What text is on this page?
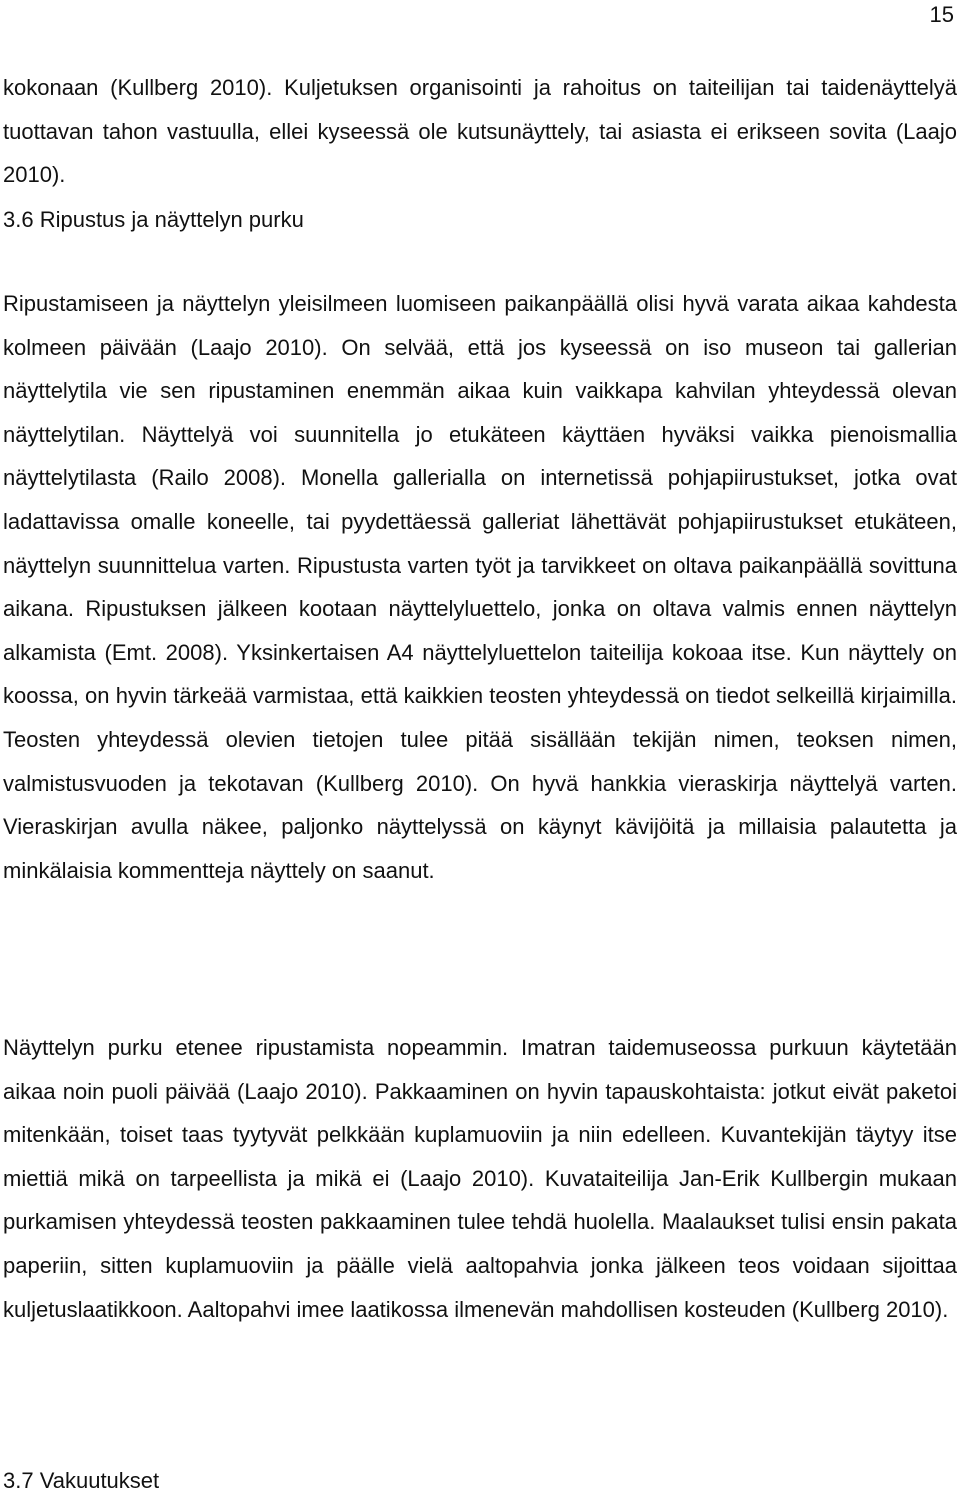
15

kokonaan (Kullberg 2010). Kuljetuksen organisointi ja rahoitus on taiteilijan tai taidenäyttelyä tuottavan tahon vastuulla, ellei kyseessä ole kutsunäyttely, tai asiasta ei erikseen sovita (Laajo 2010).

3.6 Ripustus ja näyttelyn purku

Ripustamiseen ja näyttelyn yleisilmeen luomiseen paikanpäällä olisi hyvä varata aikaa kahdesta kolmeen päivään (Laajo 2010). On selvää, että jos kyseessä on iso museon tai gallerian näyttelytila vie sen ripustaminen enemmän aikaa kuin vaikkapa kahvilan yhteydessä olevan näyttelytilan. Näyttelyä voi suunnitella jo etukäteen käyttäen hyväksi vaikka pienoismallia näyttelytilasta (Railo 2008). Monella gallerialla on internetissä pohjapiirustukset, jotka ovat ladattavissa omalle koneelle, tai pyydettäessä galleriat lähettävät pohjapiirustukset etukäteen, näyttelyn suunnittelua varten. Ripustusta varten työt ja tarvikkeet on oltava paikanpäällä sovittuna aikana. Ripustuksen jälkeen kootaan näyttelyluettelo, jonka on oltava valmis ennen näyttelyn alkamista (Emt. 2008). Yksinkertaisen A4 näyttelyluettelon taiteilija kokoaa itse. Kun näyttely on koossa, on hyvin tärkeää varmistaa, että kaikkien teosten yhteydessä on tiedot selkeillä kirjaimilla. Teosten yhteydessä olevien tietojen tulee pitää sisällään tekijän nimen, teoksen nimen, valmistusvuoden ja tekotavan (Kullberg 2010). On hyvä hankkia vieraskirja näyttelyä varten. Vieraskirjan avulla näkee, paljonko näyttelyssä on käynyt kävijöitä ja millaisia palautetta ja minkälaisia kommentteja näyttely on saanut.

Näyttelyn purku etenee ripustamista nopeammin. Imatran taidemuseossa purkuun käytetään aikaa noin puoli päivää (Laajo 2010). Pakkaaminen on hyvin tapauskohtaista: jotkut eivät paketoi mitenkään, toiset taas tyytyvät pelkkään kuplamuoviin ja niin edelleen. Kuvantekijän täytyy itse miettiä mikä on tarpeellista ja mikä ei (Laajo 2010). Kuvataiteilija Jan-Erik Kullbergin mukaan purkamisen yhteydessä teosten pakkaaminen tulee tehdä huolella. Maalaukset tulisi ensin pakata paperiin, sitten kuplamuoviin ja päälle vielä aaltopahvia jonka jälkeen teos voidaan sijoittaa kuljetuslaatikkoon. Aaltopahvi imee laatikossa ilmenevän mahdollisen kosteuden (Kullberg 2010).

3.7 Vakuutukset
